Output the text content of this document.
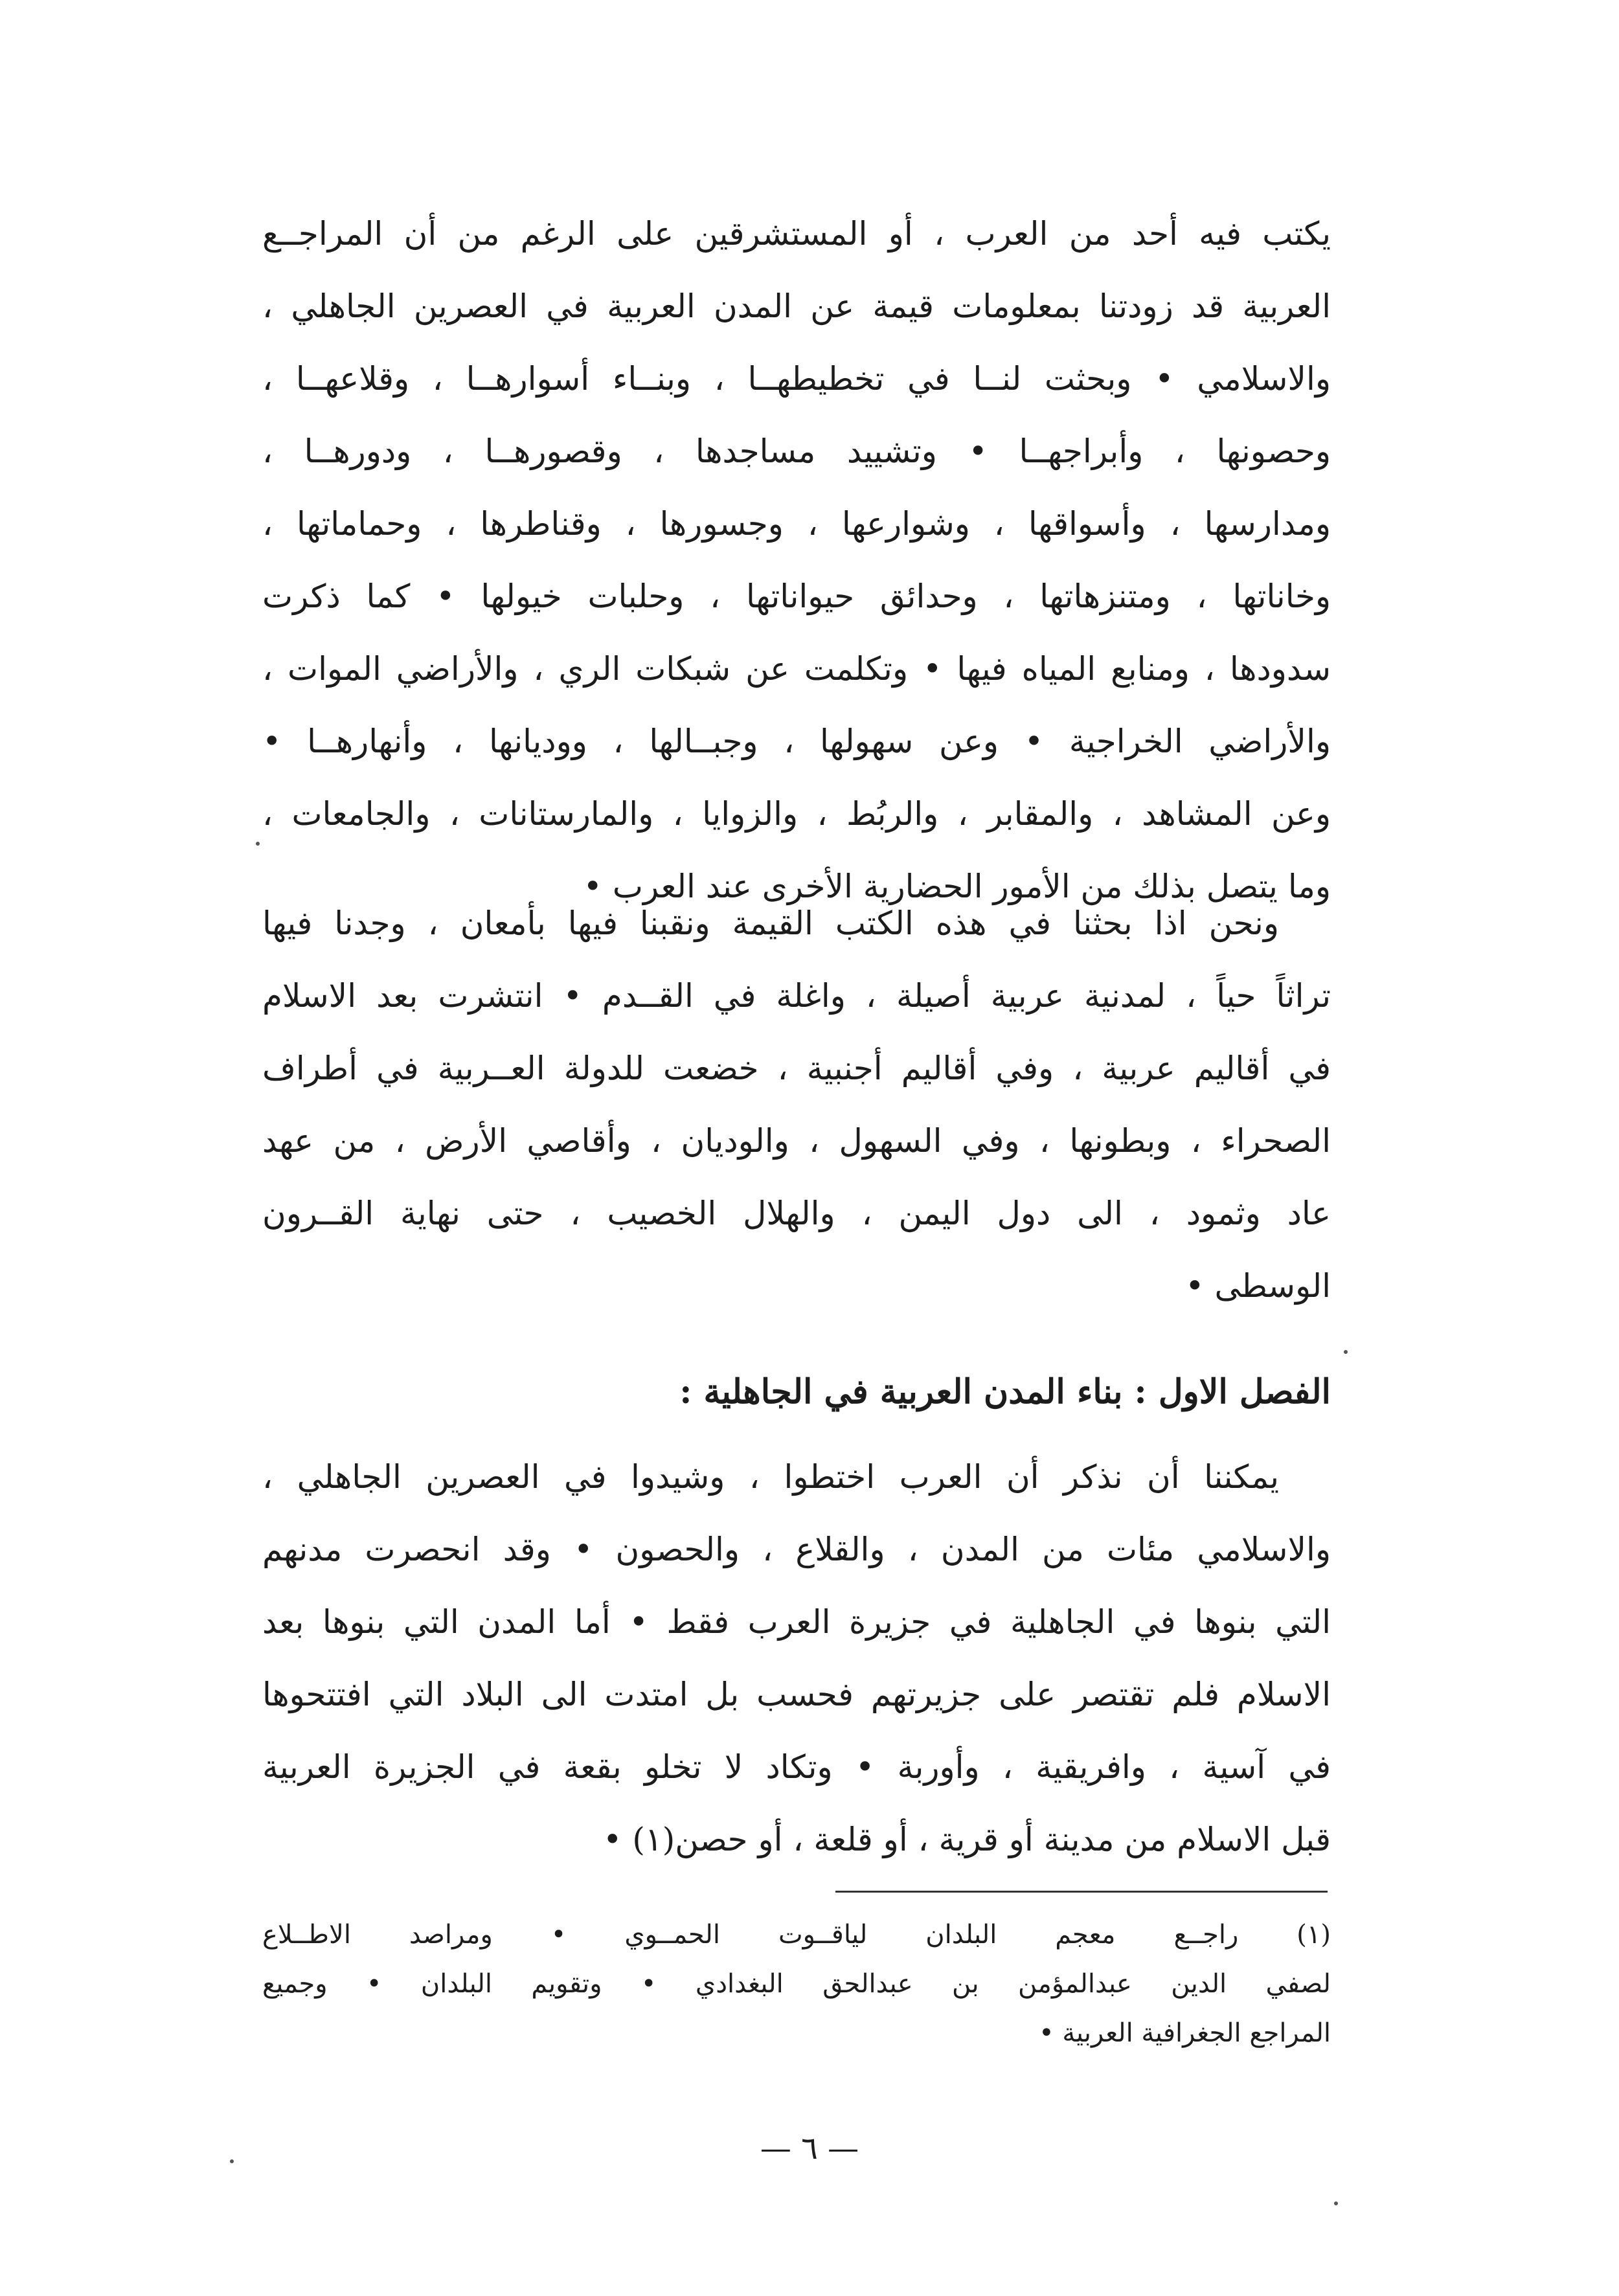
يكتب فيه أحد من العرب ، أو المستشرقين على الرغم من أن المراجــع
العربية قد زودتنا بمعلومات قيمة عن المدن العربية في العصرين الجاهلي ،
والاسلامي • وبحثت لنــا في تخطيطهــا ، وبنــاء أسوارهــا ، وقلاعهــا ،
وحصونها ، وأبراجهــا • وتشييد مساجدها ، وقصورهــا ، ودورهــا ،
ومدارسها ، وأسواقها ، وشوارعها ، وجسورها ، وقناطرها ، وحماماتها ،
وخاناتها ، ومتنزهاتها ، وحدائق حيواناتها ، وحلبات خيولها • كما ذكرت
سدودها ، ومنابع المياه فيها • وتكلمت عن شبكات الري ، والأراضي الموات ،
والأراضي الخراجية • وعن سهولها ، وجبــالها ، ووديانها ، وأنهارهــا •
وعن المشاهد ، والمقابر ، والربُط ، والزوايا ، والمارستانات ، والجامعات ،
وما يتصل بذلك من الأمور الحضارية الأخرى عند العرب •
ونحن اذا بحثنا في هذه الكتب القيمة ونقبنا فيها بأمعان ، وجدنا فيها
تراثاً حياً ، لمدنية عربية أصيلة ، واغلة في القــدم • انتشرت بعد الاسلام
في أقاليم عربية ، وفي أقاليم أجنبية ، خضعت للدولة العــربية في أطراف
الصحراء ، وبطونها ، وفي السهول ، والوديان ، وأقاصي الأرض ، من عهد
عاد وثمود ، الى دول اليمن ، والهلال الخصيب ، حتى نهاية القــرون
الوسطى •
الفصل الاول : بناء المدن العربية في الجاهلية :
يمكننا أن نذكر أن العرب اختطوا ، وشيدوا في العصرين الجاهلي ،
والاسلامي مئات من المدن ، والقلاع ، والحصون • وقد انحصرت مدنهم
التي بنوها في الجاهلية في جزيرة العرب فقط • أما المدن التي بنوها بعد
الاسلام فلم تقتصر على جزيرتهم فحسب بل امتدت الى البلاد التي افتتحوها
في آسية ، وافريقية ، وأوربة • وتكاد لا تخلو بقعة في الجزيرة العربية
قبل الاسلام من مدينة أو قرية ، أو قلعة ، أو حصن(١) •
(١) راجــع معجم البلدان لياقــوت الحمــوي • ومراصد الاطــلاع
لصفي الدين عبدالمؤمن بن عبدالحق البغدادي • وتقويم البلدان • وجميع
المراجع الجغرافية العربية •
— ٦ —
